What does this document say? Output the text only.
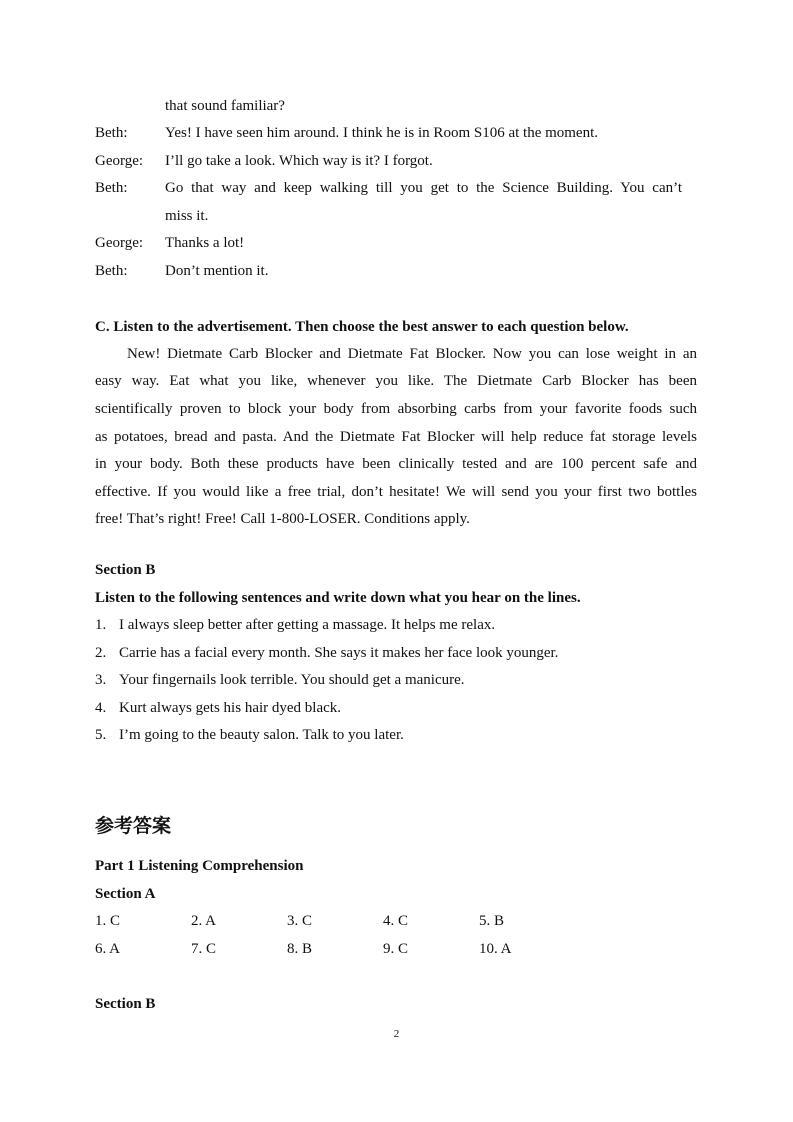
that sound familiar?
Beth:	Yes! I have seen him around. I think he is in Room S106 at the moment.
George: I’ll go take a look. Which way is it? I forgot.
Beth:	Go that way and keep walking till you get to the Science Building. You can’t
miss it.
George: Thanks a lot!
Beth:	Don’t mention it.
C. Listen to the advertisement. Then choose the best answer to each question below.
New! Dietmate Carb Blocker and Dietmate Fat Blocker. Now you can lose weight in an
easy way. Eat what you like, whenever you like. The Dietmate Carb Blocker has been
scientifically proven to block your body from absorbing carbs from your favorite foods such
as potatoes, bread and pasta. And the Dietmate Fat Blocker will help reduce fat storage levels
in your body. Both these products have been clinically tested and are 100 percent safe and
effective. If you would like a free trial, don’t hesitate! We will send you your first two bottles
free! That’s right! Free! Call 1-800-LOSER. Conditions apply.
Section B
Listen to the following sentences and write down what you hear on the lines.
1. I always sleep better after getting a massage. It helps me relax.
2. Carrie has a facial every month. She says it makes her face look younger.
3. Your fingernails look terrible. You should get a manicure.
4. Kurt always gets his hair dyed black.
5. I’m going to the beauty salon. Talk to you later.
参考答案
Part 1 Listening Comprehension
Section A
1. C	2. A	3. C	4. C	5. B
6. A	7. C	8. B	9. C	10. A
Section B
2
